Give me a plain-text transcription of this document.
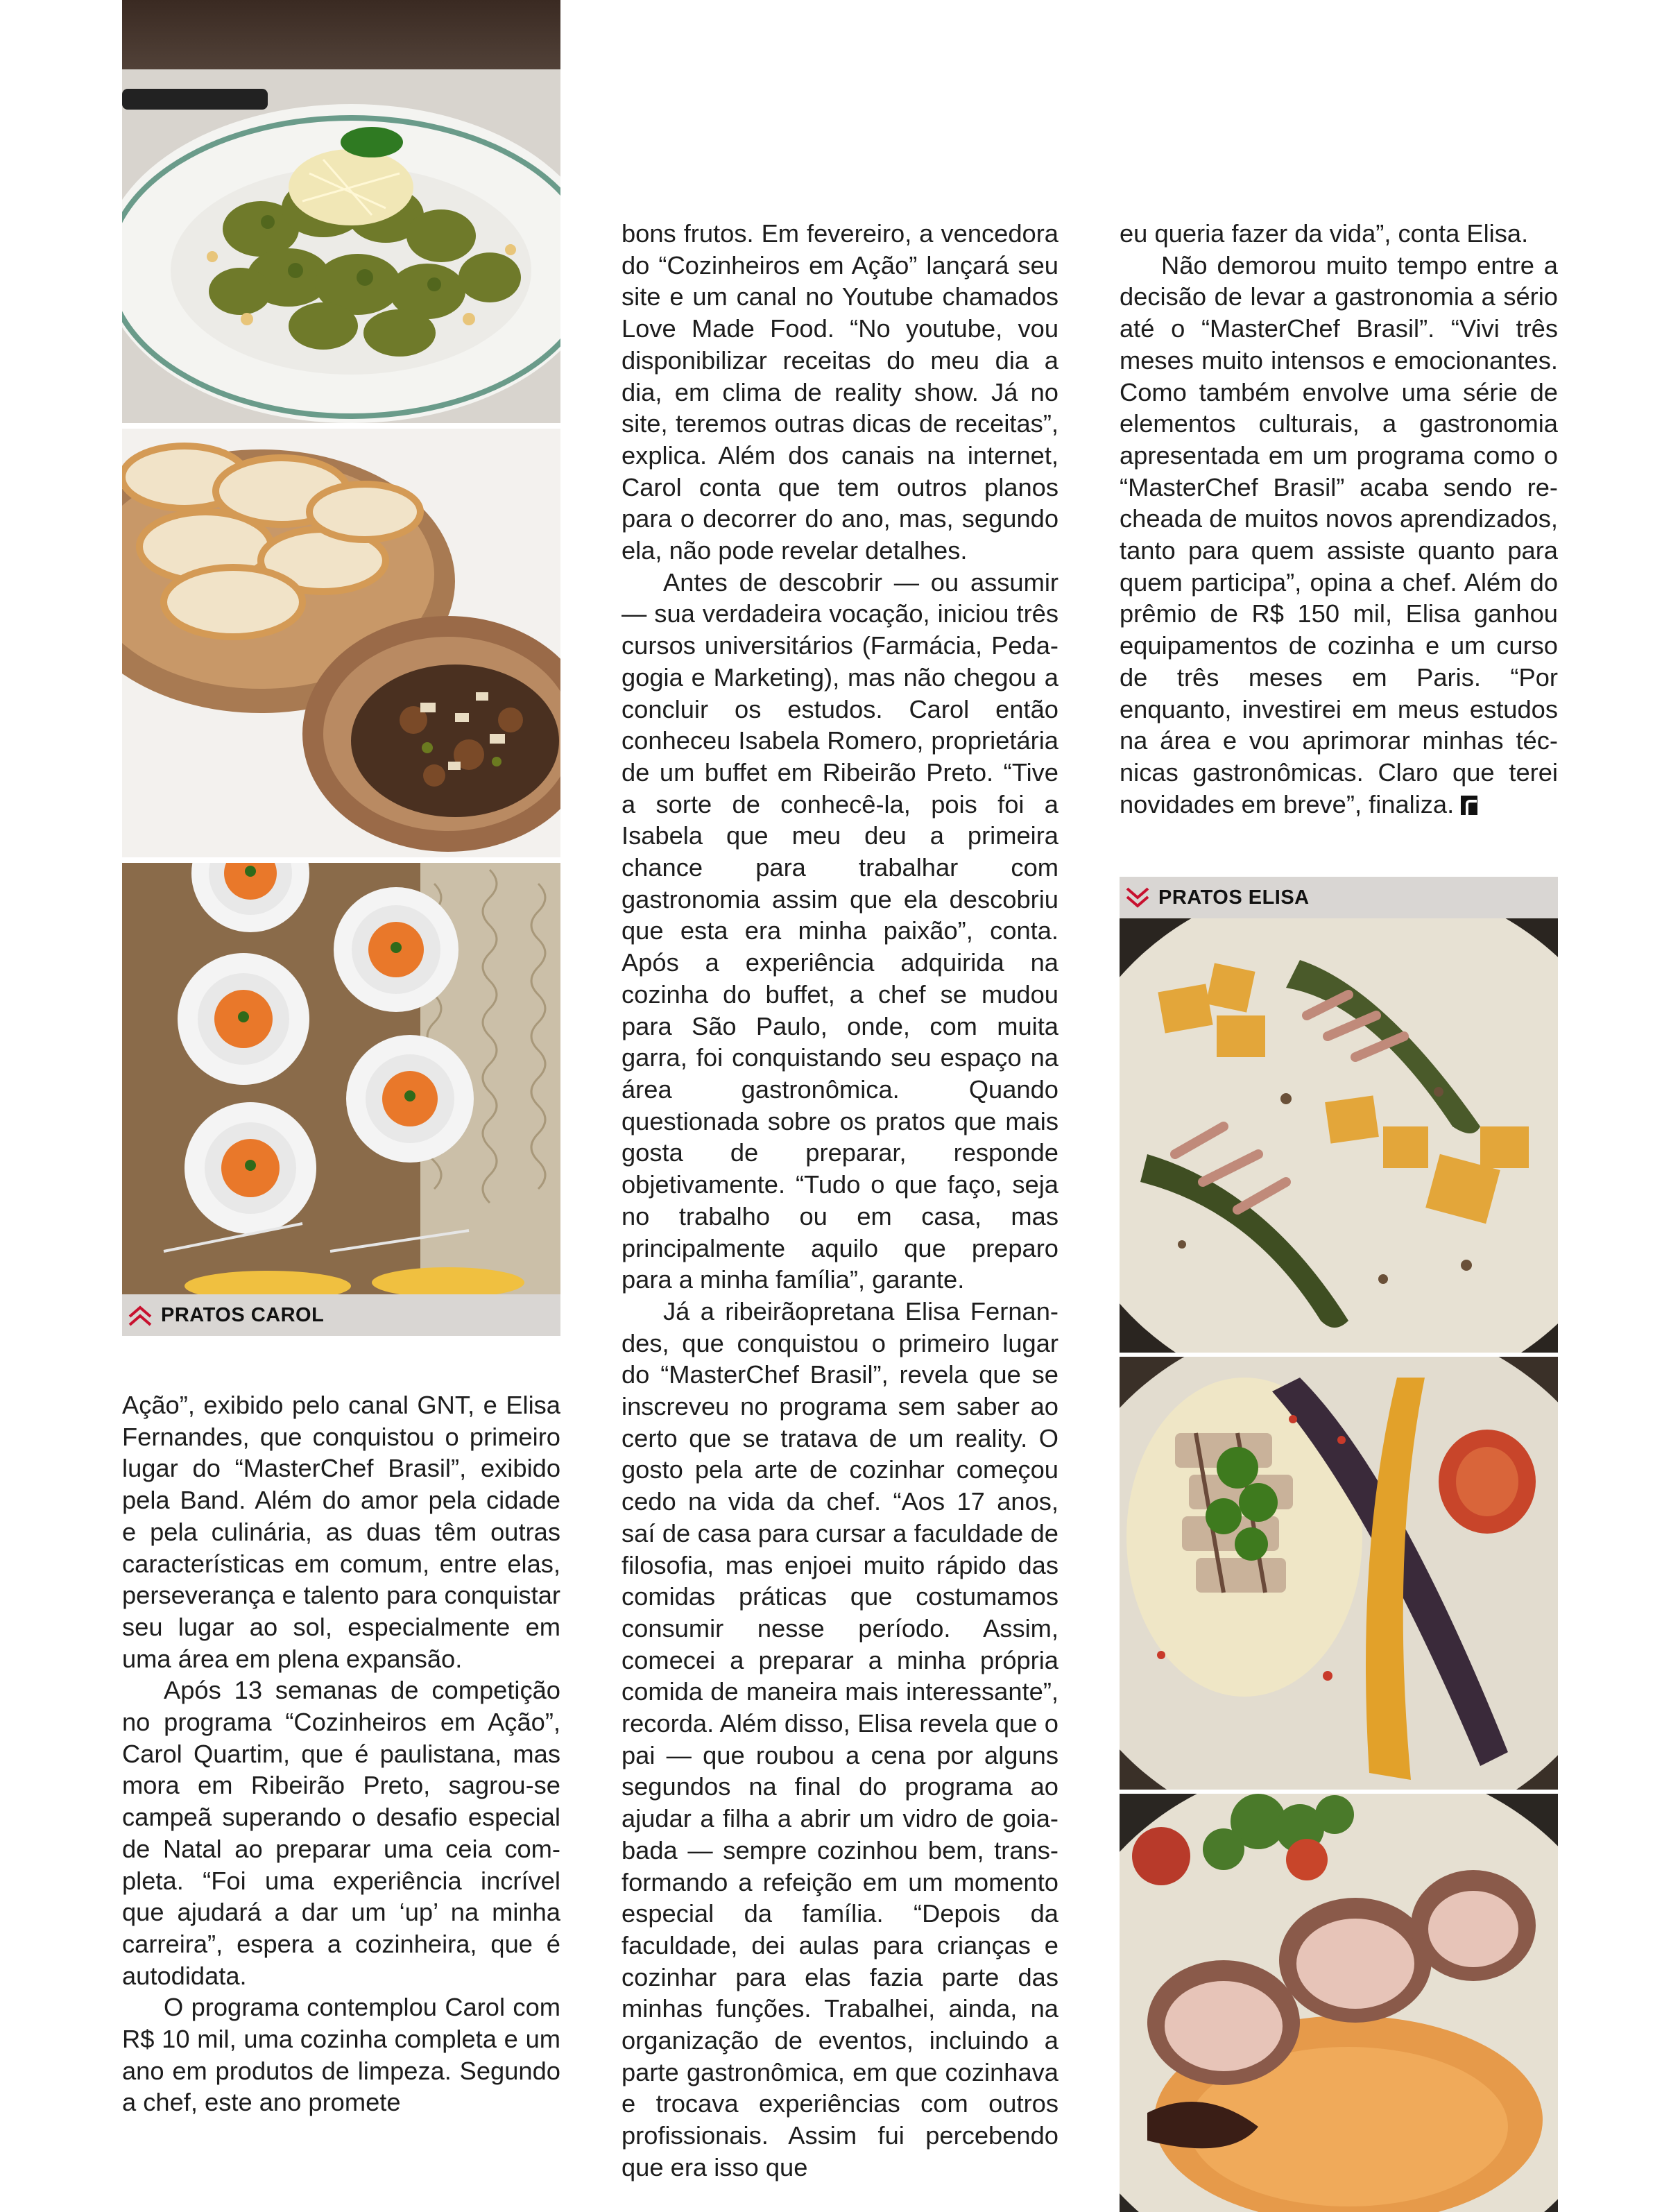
PRATOS CAROL

Ação”, exibido pelo canal GNT, e Elisa Fernandes, que conquistou o primeiro lugar do “MasterChef Brasil”, exibido pela Band. Além do amor pela cidade e pela culinária, as duas têm outras características em comum, entre elas, perseverança e talento para conquistar seu lugar ao sol, especialmente em uma área em plena expansão.

Após 13 semanas de competição no programa “Cozinheiros em Ação”, Carol Quartim, que é paulistana, mas mora em Ribeirão Preto, sagrou-se campeã superando o desafio especial de Natal ao preparar uma ceia completa. “Foi uma experiência incrível que ajudará a dar um ‘up’ na minha carreira”, espera a cozinheira, que é autodidata.

O programa contemplou Carol com R$ 10 mil, uma cozinha completa e um ano em produtos de limpeza. Segundo a chef, este ano promete

bons frutos. Em fevereiro, a vencedora do “Cozinheiros em Ação” lançará seu site e um canal no Youtube chamados Love Made Food. “No youtube, vou disponibilizar receitas do meu dia a dia, em clima de reality show. Já no site, teremos outras dicas de receitas”, explica. Além dos canais na internet, Carol conta que tem outros planos para o decorrer do ano, mas, segundo ela, não pode revelar detalhes.

Antes de descobrir — ou assumir — sua verdadeira vocação, iniciou três cursos universitários (Farmácia, Pedagogia e Marketing), mas não chegou a concluir os estudos. Carol então conheceu Isabela Romero, proprietária de um buffet em Ribeirão Preto. “Tive a sorte de conhecê-la, pois foi a Isabela que meu deu a primeira chance para trabalhar com gastronomia assim que ela descobriu que esta era minha paixão”, conta. Após a experiência adquirida na cozinha do buffet, a chef se mudou para São Paulo, onde, com muita garra, foi conquistando seu espaço na área gastronômica. Quando questionada sobre os pratos que mais gosta de preparar, responde objetivamente. “Tudo o que faço, seja no trabalho ou em casa, mas principalmente aquilo que preparo para a minha família”, garante.

Já a ribeirãopretana Elisa Fernandes, que conquistou o primeiro lugar do “MasterChef Brasil”, revela que se inscreveu no programa sem saber ao certo que se tratava de um reality. O gosto pela arte de cozinhar começou cedo na vida da chef. “Aos 17 anos, saí de casa para cursar a faculdade de filosofia, mas enjoei muito rápido das comidas práticas que costumamos consumir nesse período. Assim, comecei a preparar a minha própria comida de maneira mais interessante”, recorda. Além disso, Elisa revela que o pai — que roubou a cena por alguns segundos na final do programa ao ajudar a filha a abrir um vidro de goiabada — sempre cozinhou bem, transformando a refeição em um momento especial da família. “Depois da faculdade, dei aulas para crianças e cozinhar para elas fazia parte das minhas funções. Trabalhei, ainda, na organização de eventos, incluindo a parte gastronômica, em que cozinhava e trocava experiências com outros profissionais. Assim fui percebendo que era isso que

eu queria fazer da vida”, conta Elisa.

Não demorou muito tempo entre a decisão de levar a gastronomia a sério até o “MasterChef Brasil”. “Vivi três meses muito intensos e emocionantes. Como também envolve uma série de elementos culturais, a gastronomia apresentada em um programa como o “MasterChef Brasil” acaba sendo recheada de muitos novos aprendizados, tanto para quem assiste quanto para quem participa”, opina a chef. Além do prêmio de R$ 150 mil, Elisa ganhou equipamentos de cozinha e um curso de três meses em Paris. “Por enquanto, investirei em meus estudos na área e vou aprimorar minhas técnicas gastronômicas. Claro que terei novidades em breve”, finaliza.

PRATOS ELISA
